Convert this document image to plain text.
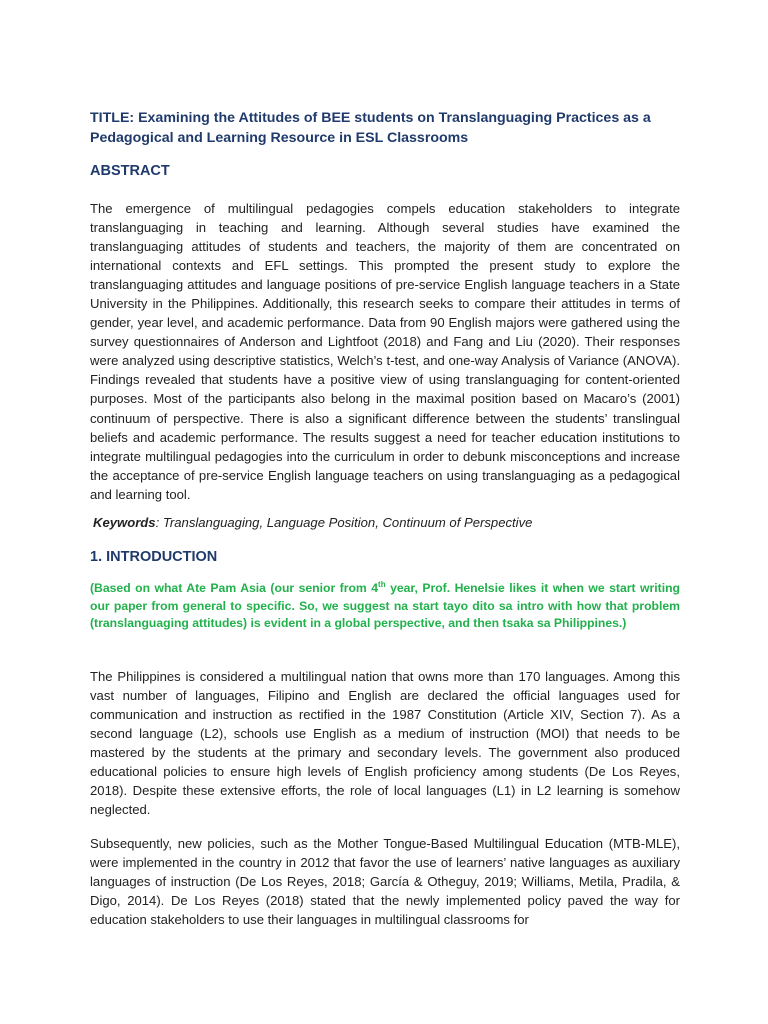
TITLE: Examining the Attitudes of BEE students on Translanguaging Practices as a Pedagogical and Learning Resource in ESL Classrooms
ABSTRACT

The emergence of multilingual pedagogies compels education stakeholders to integrate translanguaging in teaching and learning. Although several studies have examined the translanguaging attitudes of students and teachers, the majority of them are concentrated on international contexts and EFL settings. This prompted the present study to explore the translanguaging attitudes and language positions of pre-service English language teachers in a State University in the Philippines. Additionally, this research seeks to compare their attitudes in terms of gender, year level, and academic performance. Data from 90 English majors were gathered using the survey questionnaires of Anderson and Lightfoot (2018) and Fang and Liu (2020). Their responses were analyzed using descriptive statistics, Welch’s t-test, and one-way Analysis of Variance (ANOVA). Findings revealed that students have a positive view of using translanguaging for content-oriented purposes. Most of the participants also belong in the maximal position based on Macaro’s (2001) continuum of perspective. There is also a significant difference between the students’ translingual beliefs and academic performance. The results suggest a need for teacher education institutions to integrate multilingual pedagogies into the curriculum in order to debunk misconceptions and increase the acceptance of pre-service English language teachers on using translanguaging as a pedagogical and learning tool.

Keywords: Translanguaging, Language Position, Continuum of Perspective

1. INTRODUCTION

(Based on what Ate Pam Asia (our senior from 4th year, Prof. Henelsie likes it when we start writing our paper from general to specific. So, we suggest na start tayo dito sa intro with how that problem (translanguaging attitudes) is evident in a global perspective, and then tsaka sa Philippines.)

The Philippines is considered a multilingual nation that owns more than 170 languages. Among this vast number of languages, Filipino and English are declared the official languages used for communication and instruction as rectified in the 1987 Constitution (Article XIV, Section 7). As a second language (L2), schools use English as a medium of instruction (MOI) that needs to be mastered by the students at the primary and secondary levels. The government also produced educational policies to ensure high levels of English proficiency among students (De Los Reyes, 2018). Despite these extensive efforts, the role of local languages (L1) in L2 learning is somehow neglected.

Subsequently, new policies, such as the Mother Tongue-Based Multilingual Education (MTB-MLE), were implemented in the country in 2012 that favor the use of learners’ native languages as auxiliary languages of instruction (De Los Reyes, 2018; García & Otheguy, 2019; Williams, Metila, Pradila, & Digo, 2014). De Los Reyes (2018) stated that the newly implemented policy paved the way for education stakeholders to use their languages in multilingual classrooms for
